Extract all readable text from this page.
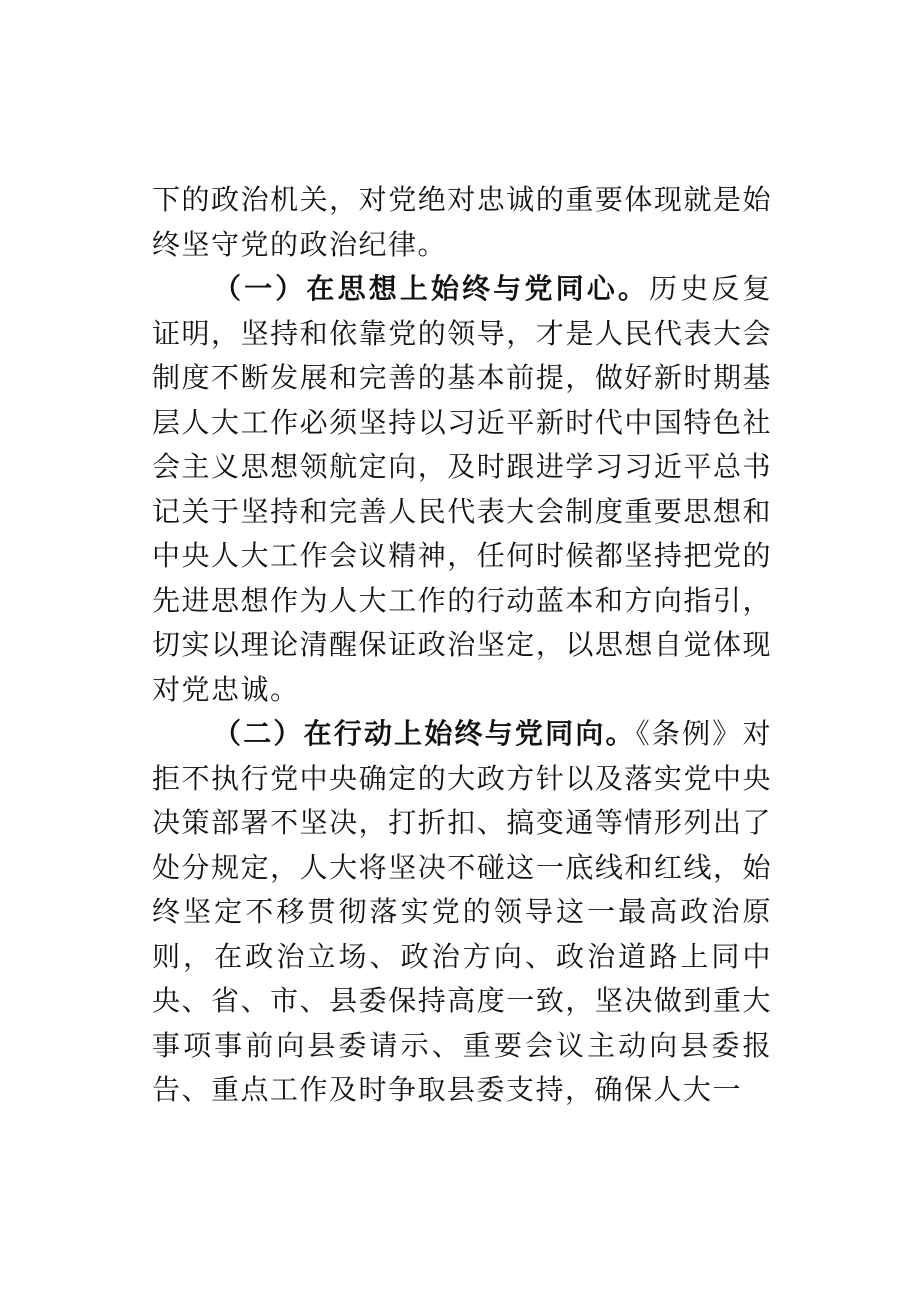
下的政治机关，对党绝对忠诚的重要体现就是始终坚守党的政治纪律。

（一）在思想上始终与党同心。历史反复证明，坚持和依靠党的领导，才是人民代表大会制度不断发展和完善的基本前提，做好新时期基层人大工作必须坚持以习近平新时代中国特色社会主义思想领航定向，及时跟进学习习近平总书记关于坚持和完善人民代表大会制度重要思想和中央人大工作会议精神，任何时候都坚持把党的先进思想作为人大工作的行动蓝本和方向指引，切实以理论清醒保证政治坚定，以思想自觉体现对党忠诚。

（二）在行动上始终与党同向。《条例》对拒不执行党中央确定的大政方针以及落实党中央决策部署不坚决，打折扣、搞变通等情形列出了处分规定，人大将坚决不碰这一底线和红线，始终坚定不移贯彻落实党的领导这一最高政治原则，在政治立场、政治方向、政治道路上同中央、省、市、县委保持高度一致，坚决做到重大事项事前向县委请示、重要会议主动向县委报告、重点工作及时争取县委支持，确保人大一
